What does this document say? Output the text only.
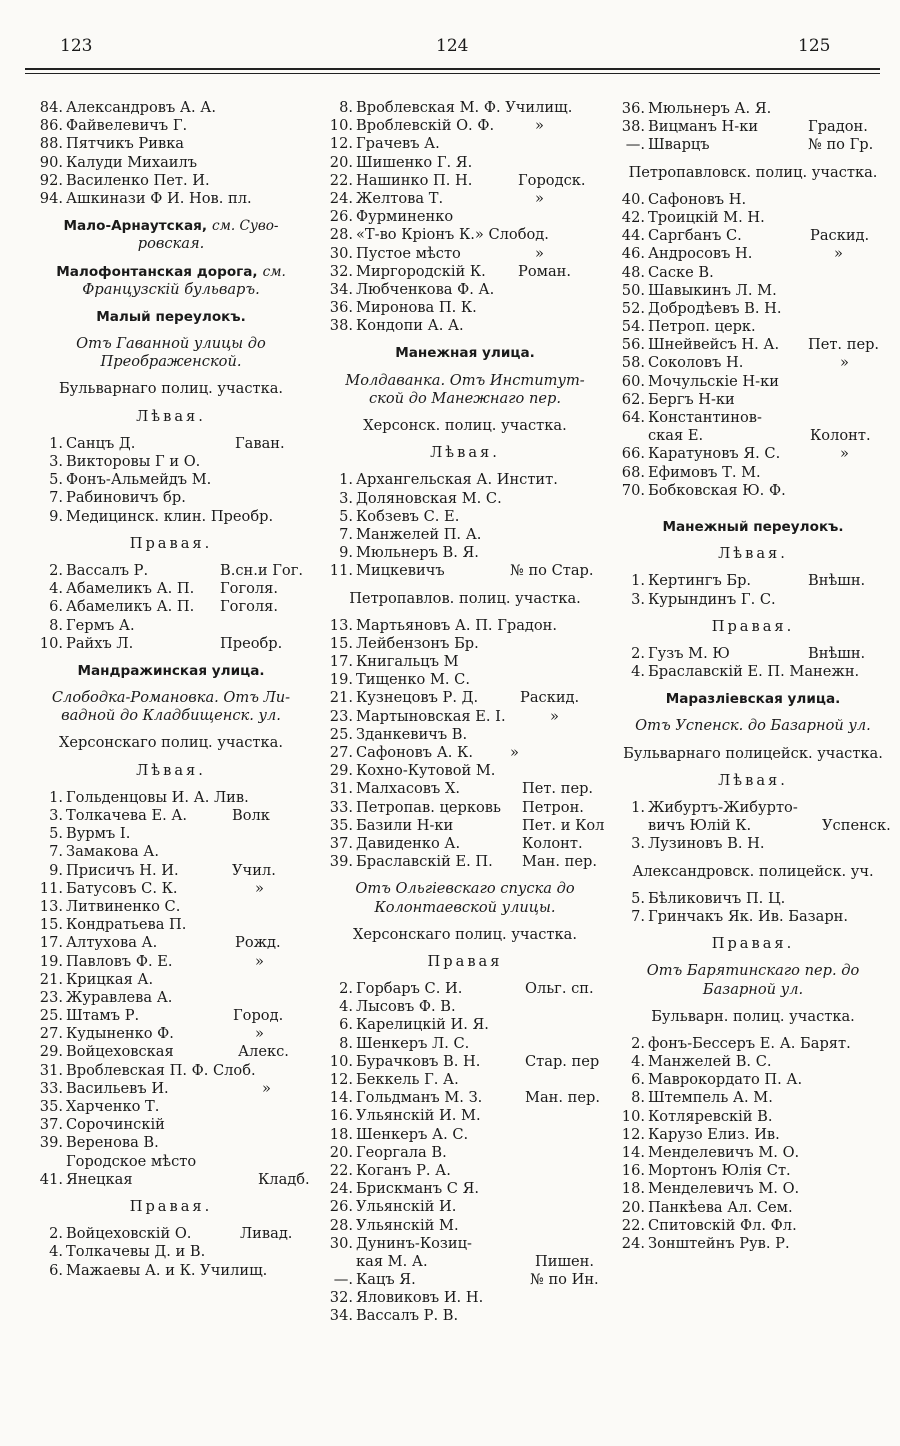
123	124	125
84. Александровъ А. А.
86. Файвелевичъ Г.
88. Пятчикъ Ривка
90. Калуди Михаилъ
92. Василенко Пет. И.
94. Ашкинази Ф И. Нов. пл.
Мало-Арнаутская, см. Суво-
ровская.
Малофонтанская дорога, см.
Французскій бульваръ.
Малый переулокъ.
Отъ Гаванной улицы до
Преображенской.
Бульварнаго полиц. участка.
Лѣвая.
1. Санцъ Д.	Гаван.
3. Викторовы Г и О.
5. Фонъ-Альмейдъ М.
7. Рабиновичъ бр.
9. Медицинск. клин. Преобр.
Правая.
2. Вассалъ Р.	В.сн.и Гог.
4. Абамеликъ А. П. Гоголя.
6. Абамеликъ А. П. Гоголя.
8. Гермъ А.
10. Райхъ Л.	Преобр.
Мандражинская улица.
Слободка-Романовка. Отъ Ли-
вадной до Кладбищенск. ул.
Херсонскаго полиц. участка.
Лѣвая.
1. Гольденцовы И. А. Лив.
3. Толкачева Е. А.	Волк
5. Вурмъ I.
7. Замакова А.
9. Присичъ Н. И.	Учил.
11. Батусовъ С. К.	»
13. Литвиненко С.
15. Кондратьева П.
17. Алтухова А.	Рожд.
19. Павловъ Ф. Е.	»
21. Крицкая А.
23. Журавлева А.
25. Штамъ Р.	Город.
27. Кудыненко Ф.	»
29. Войцеховская	Алекс.
31. Вроблевская П. Ф. Слоб.
33. Васильевъ И.	»
35. Харченко Т.
37. Сорочинскій
39. Веренова В.
Городское мѣсто
41. Янецкая	Кладб.
Правая.
2. Войцеховскій О.	Ливад.
4. Толкачевы Д. и В.
6. Мажаевы А. и К. Училищ.
8. Вроблевская М. Ф. Училищ.
10. Вроблевскій О. Ф.	»
12. Грачевъ А.
20. Шишенко Г. Я.
22. Нашинко П. Н.	Городск.
24. Желтова Т.	»
26. Фурминенко
28. «Т-во Крiонъ К.» Слобод.
30. Пустое мѣсто	»
32. Миргородскій К. Роман.
34. Любченкова Ф. А.
36. Миронова П. К.
38. Кондопи А. А.
Манежная улица.
Молдаванка. Отъ Институт-
ской до Манежнаго пер.
Херсонск. полиц. участка.
Лѣвая.
1. Архангельская А. Инстит.
3. Доляновская М. С.
5. Кобзевъ С. Е.
7. Манжелей П. А.
9. Мюльнеръ В. Я.
11. Мицкевичъ	№ по Стар.
Петропавлов. полиц. участка.
13. Мартьяновъ А. П. Градон.
15. Лейбензонъ Бр.
17. Книгальцъ М
19. Тищенко М. С.
21. Кузнецовъ Р. Д.	Раскид.
23. Мартыновская Е. I.	»
25. Зданкевичъ В.
27. Сафоновъ А. К.	»
29. Кохно-Кутовой М.
31. Малхасовъ Х.	Пет. пер.
33. Петропав. церковь Петрон.
35. Базили Н-ки	Пет. и Кол
37. Давиденко А.	Колонт.
39. Браславскій Е. П. Ман. пер.
Отъ Ольгіевскаго спуска до
Колонтаевской улицы.
Херсонскаго полиц. участка.
Правая
2. Горбаръ С. И.	Ольг. сп.
4. Лысовъ Ф. В.
6. Карелицкій И. Я.
8. Шенкеръ Л. С.
10. Бурачковъ В. Н.	Стар. пер
12. Беккель Г. А.
14. Гольдманъ М. З.	Ман. пер.
16. Ульянскій И. М.
18. Шенкеръ А. С.
20. Георгала В.
22. Коганъ Р. А.
24. Брискманъ С Я.
26. Ульянскій И.
28. Ульянскій М.
30. Дунинъ-Козиц-
кая М. А.	Пишен.
—. Кацъ Я.	№ по Ин.
32. Яловиковъ И. Н.
34. Вассалъ Р. В.
36. Мюльнеръ А. Я.
38. Вицманъ Н-ки	Градон.
—. Шварцъ	№ по Гр.
Петропавловск. полиц. участка.
40. Сафоновъ Н.
42. Троицкій М. Н.
44. Саргбанъ С.	Раскид.
46. Андросовъ Н.	»
48. Саске В.
50. Шавыкинъ Л. М.
52. Добродѣевъ В. Н.
54. Петроп. церк.
56. Шнейвейсъ Н. А. Пет. пер.
58. Соколовъ Н.	»
60. Мочульскіе Н-ки
62. Бергъ Н-ки
64. Константинов-
ская Е.	Колонт.
66. Каратуновъ Я. С.	»
68. Ефимовъ Т. М.
70. Бобковская Ю. Ф.
Манежный переулокъ.
Лѣвая.
1. Кертингъ Бр.	Внѣшн.
3. Курындинъ Г. С.
Правая.
2. Гузъ М. Ю	Внѣшн.
4. Браславскій Е. П. Манежн.
Маразлiевская улица.
Отъ Успенск. до Базарной ул.
Бульварнаго полицейск. участка.
Лѣвая.
1. Жибуртъ-Жибурто-
вичъ Юлій К.	Успенск.
3. Лузиновъ В. Н.
Александровск. полицейск. уч.
5. Бѣликовичъ П. Ц.
7. Гринчакъ Як. Ив. Базарн.
Правая.
Отъ Барятинскаго пер. до
Базарной ул.
Бульварн. полиц. участка.
2. фонъ-Бессеръ Е. А. Барят.
4. Манжелей В. С.
6. Маврокордато П. А.
8. Штемпель А. М.
10. Котляревскій В.
12. Карузо Елиз. Ив.
14. Менделевичъ М. О.
16. Мортонъ Юлія Ст.
18. Менделевичъ М. О.
20. Панкѣева Ал. Сем.
22. Спитовскій Фл. Фл.
24. Зонштейнъ Рув. Р.
